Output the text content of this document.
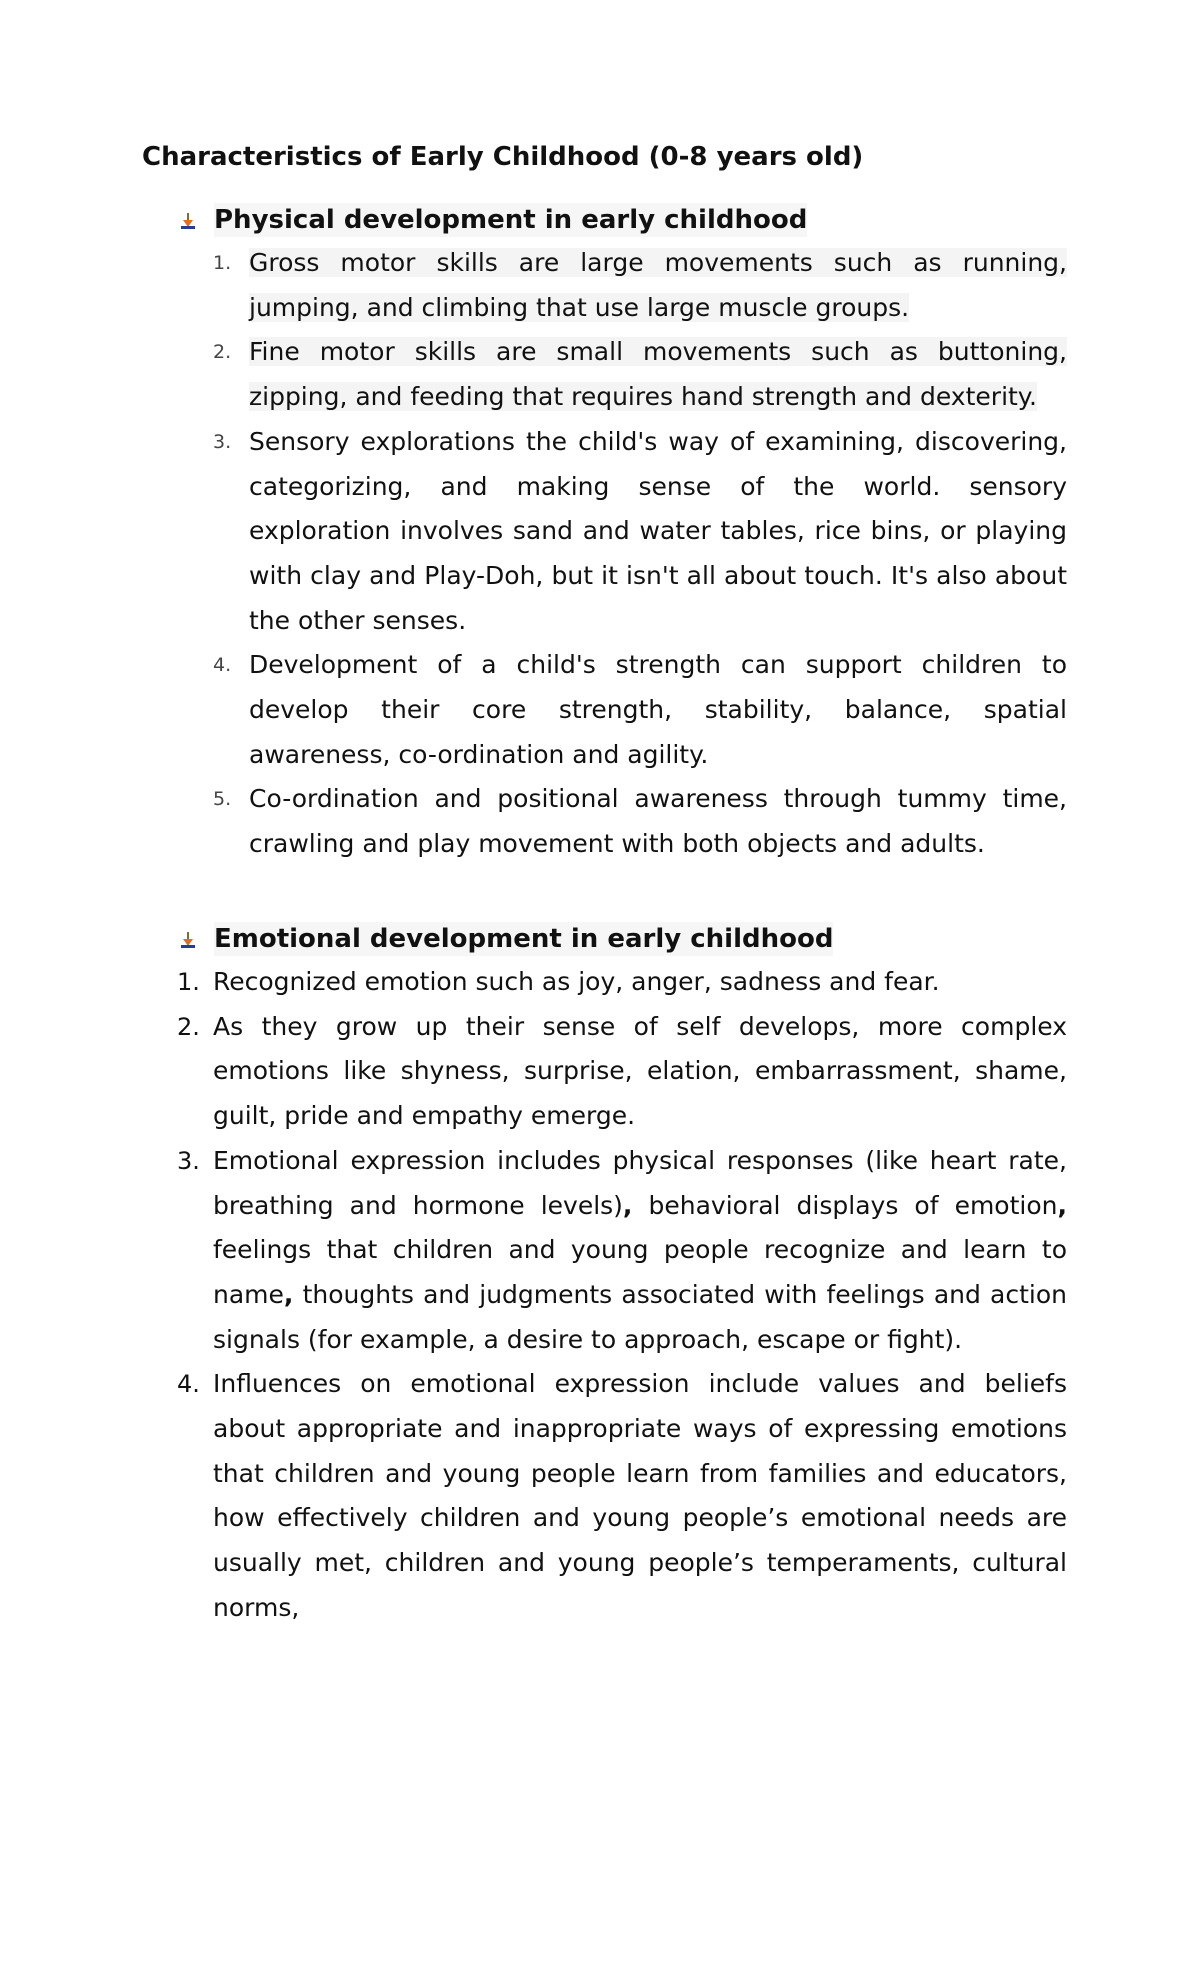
Characteristics of Early Childhood (0-8 years old)
Physical development in early childhood
1. Gross motor skills are large movements such as running, jumping, and climbing that use large muscle groups.
2. Fine motor skills are small movements such as buttoning, zipping, and feeding that requires hand strength and dexterity.
3. Sensory explorations the child's way of examining, discovering, categorizing, and making sense of the world. sensory exploration involves sand and water tables, rice bins, or playing with clay and Play-Doh, but it isn't all about touch. It's also about the other senses.
4. Development of a child's strength can support children to develop their core strength, stability, balance, spatial awareness, co-ordination and agility.
5. Co-ordination and positional awareness through tummy time, crawling and play movement with both objects and adults.
Emotional development in early childhood
1. Recognized emotion such as joy, anger, sadness and fear.
2. As they grow up their sense of self develops, more complex emotions like shyness, surprise, elation, embarrassment, shame, guilt, pride and empathy emerge.
3. Emotional expression includes physical responses (like heart rate, breathing and hormone levels), behavioral displays of emotion, feelings that children and young people recognize and learn to name, thoughts and judgments associated with feelings and action signals (for example, a desire to approach, escape or fight).
4. Influences on emotional expression include values and beliefs about appropriate and inappropriate ways of expressing emotions that children and young people learn from families and educators, how effectively children and young people’s emotional needs are usually met, children and young people’s temperaments, cultural norms,
